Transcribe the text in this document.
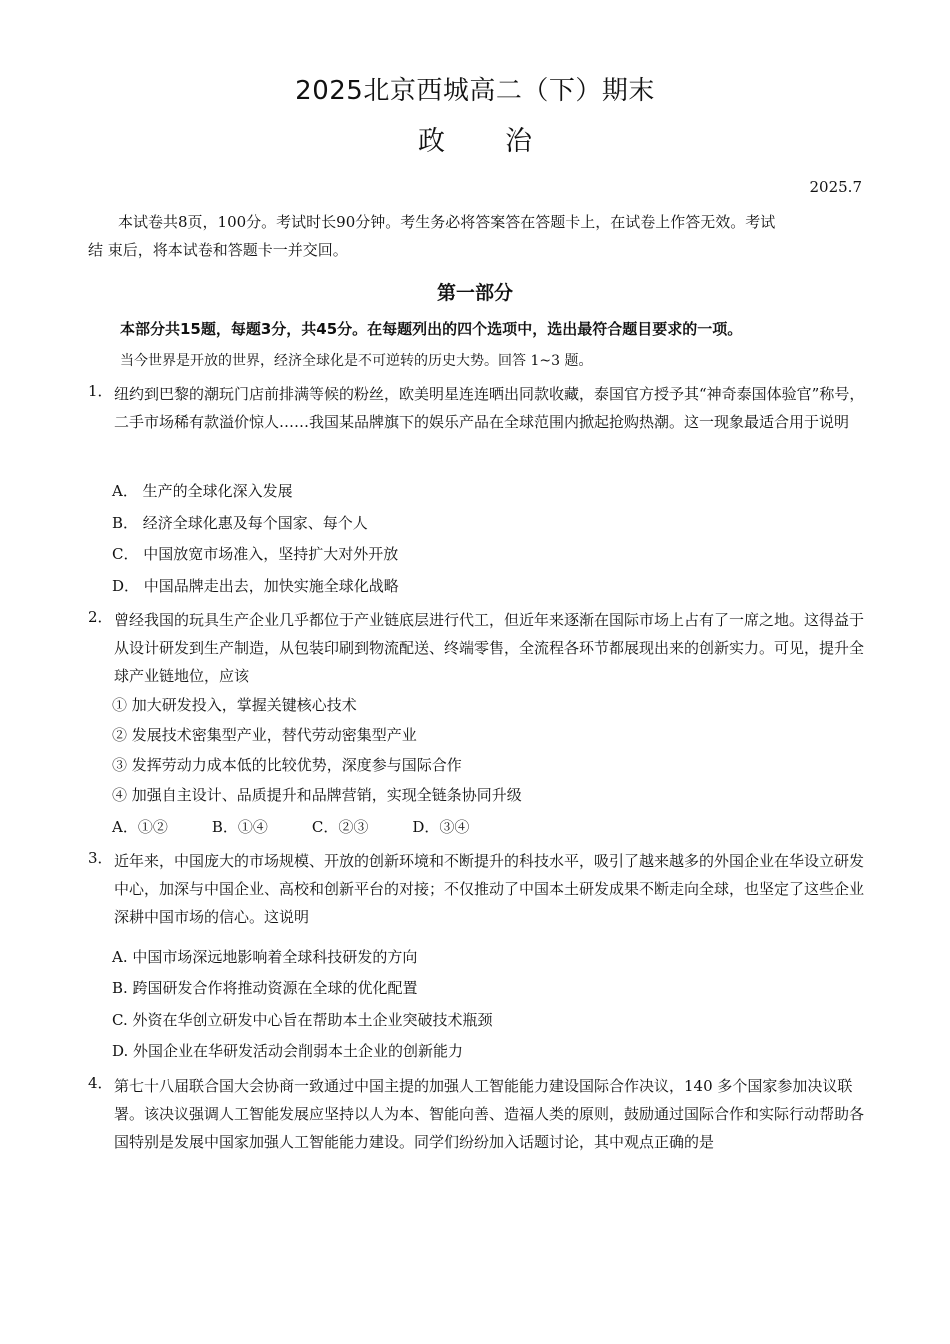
2025北京西城高二（下）期末
政 治
2025.7
本试卷共8页，100分。考试时长90分钟。考生务必将答案答在答题卡上，在试卷上作答无效。考试
结 束后，将本试卷和答题卡一并交回。
第一部分
本部分共15题，每题3分，共45分。在每题列出的四个选项中，选出最符合题目要求的一项。
当今世界是开放的世界，经济全球化是不可逆转的历史大势。回答 1~3 题。
1． 纽约到巴黎的潮玩门店前排满等候的粉丝，欧美明星连连晒出同款收藏，泰国官方授予其“神奇泰国体验官”称号，二手市场稀有款溢价惊人……我国某品牌旗下的娱乐产品在全球范围内掀起抢购热潮。这一现象最适合用于说明
A． 生产的全球化深入发展
B． 经济全球化惠及每个国家、每个人
C． 中国放宽市场准入，坚持扩大对外开放
D． 中国品牌走出去，加快实施全球化战略
2． 曾经我国的玩具生产企业几乎都位于产业链底层进行代工，但近年来逐渐在国际市场上占有了一席之地。这得益于从设计研发到生产制造，从包装印刷到物流配送、终端零售，全流程各环节都展现出来的创新实力。可见，提升全球产业链地位，应该
① 加大研发投入，掌握关键核心技术
② 发展技术密集型产业，替代劳动密集型产业
③ 发挥劳动力成本低的比较优势，深度参与国际合作
④ 加强自主设计、品质提升和品牌营销，实现全链条协同升级
A．①②	B．①④	C．②③	D．③④
3． 近年来，中国庞大的市场规模、开放的创新环境和不断提升的科技水平，吸引了越来越多的外国企业在华设立研发中心，加深与中国企业、高校和创新平台的对接；不仅推动了中国本土研发成果不断走向全球，也坚定了这些企业深耕中国市场的信心。这说明
A. 中国市场深远地影响着全球科技研发的方向
B. 跨国研发合作将推动资源在全球的优化配置
C. 外资在华创立研发中心旨在帮助本土企业突破技术瓶颈
D. 外国企业在华研发活动会削弱本土企业的创新能力
4． 第七十八届联合国大会协商一致通过中国主提的加强人工智能能力建设国际合作决议，140 多个国家参加决议联署。该决议强调人工智能发展应坚持以人为本、智能向善、造福人类的原则，鼓励通过国际合作和实际行动帮助各国特别是发展中国家加强人工智能能力建设。同学们纷纷加入话题讨论，其中观点正确的是
